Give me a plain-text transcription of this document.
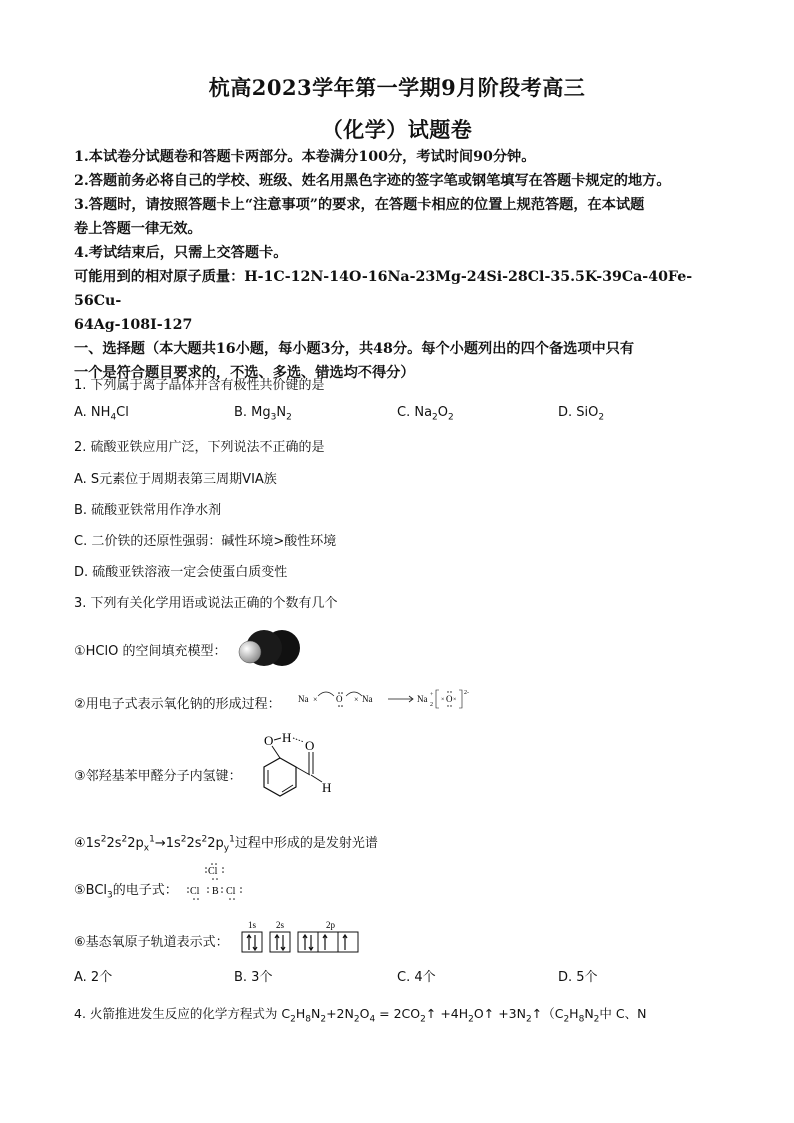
杭高2023学年第一学期9月阶段考高三
（化学）试题卷
1.本试卷分试题卷和答题卡两部分。本卷满分100分，考试时间90分钟。
2.答题前务必将自己的学校、班级、姓名用黑色字迹的签字笔或钢笔填写在答题卡规定的地方。
3.答题时，请按照答题卡上“注意事项”的要求，在答题卡相应的位置上规范答题，在本试题
卷上答题一律无效。
4.考试结束后，只需上交答题卡。
可能用到的相对原子质量：H-1C-12N-14O-16Na-23Mg-24Si-28Cl-35.5K-39Ca-40Fe-56Cu-
64Ag-108I-127
一、选择题（本大题共16小题，每小题3分，共48分。每个小题列出的四个备选项中只有
一个是符合题目要求的，不选、多选、错选均不得分）
1. 下列属于离子晶体并含有极性共价键的是
A. $NH_4Cl$	B. $Mg_3N_2$	C. $Na_2O_2$	D. SiO$_2$
2. 硫酸亚铁应用广泛，下列说法不正确的是
A. S元素位于周期表第三周期VIA族
B. 硫酸亚铁常用作净水剂
C. 二价铁的还原性强弱：碱性环境>酸性环境
D. 硫酸亚铁溶液一定会使蛋白质变性
3. 下列有关化学用语或说法正确的个数有几个
①HClO 的空间填充模型：
②用电子式表示氧化钠的形成过程： Na × O × Na	Na +
2
O
× ×
2-
③邻羟基苯甲醛分子内氢键：
O H
O
H
$④1s^22s^22p_x^1\to 1s^22s^22p_y^1$过程中形成的是发射光谱
⑤BCl$_3$的电子式：
Cl
Cl B Cl
⑥基态氧原子轨道表示式：
1s 2s	2p
A. 2个	B. 3个	C. 4个	D. 5个
4. 火箭推进发生反应的化学方程式为 $C_2H_8N_2+2N_2O_4$ = $2CO_2↑$ $+4H_2O↑$ $+3N_2↑(C_2H_8N_2$中 C、N
